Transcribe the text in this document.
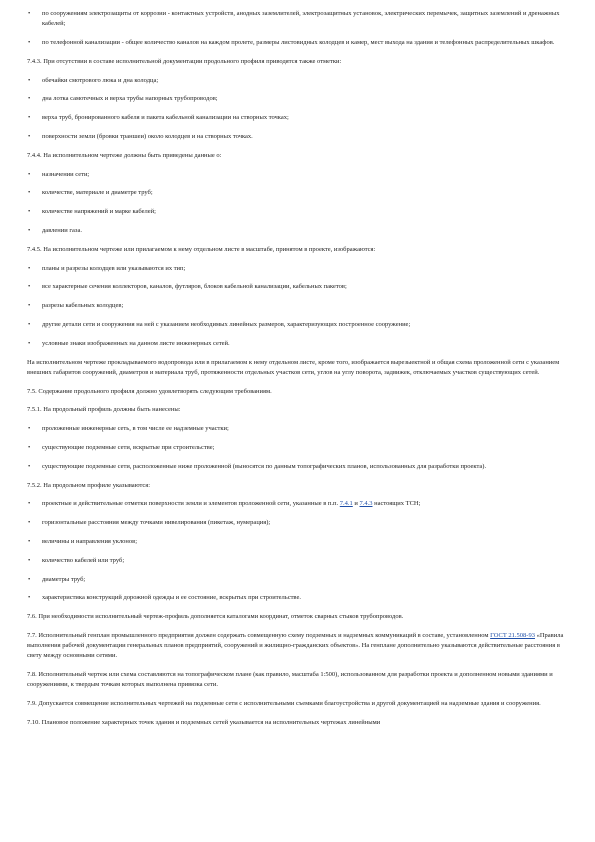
• по сооружениям электрозащиты от коррозии - контактных устройств, анодных заземлителей, электрозащитных установок, электрических перемычек, защитных заземлений и дренажных кабелей;
• по телефонной канализации - общее количество каналов на каждом пролете, размеры листовидных колодцев и камер, мест выхода на здания и телефонных распределительных шкафов.
7.4.3. При отсутствии в составе исполнительной документации продольного профиля приводятся также отметки:
• обечайки смотрового люка и дна колодца;
• дна лотка самотечных и верха трубы напорных трубопроводов;
• верха труб, бронированного кабеля и пакета кабельной канализации на створных точках;
• поверхности земли (бровки траншеи) около колодцев и на створных точках.
7.4.4. На исполнительном чертеже должны быть приведены данные о:
• назначении сети;
• количестве, материале и диаметре труб;
• количестве напряжений и марке кабелей;
• давлении газа.
7.4.5. На исполнительном чертеже или прилагаемом к нему отдельном листе в масштабе, принятом в проекте, изображаются:
• планы и разрезы колодцев или указываются их тип;
• все характерные сечения коллекторов, каналов, футляров, блоков кабельной канализации, кабельных пакетов;
• разрезы кабельных колодцев;
• другие детали сети и сооружения на ней с указанием необходимых линейных размеров, характеризующих построенное сооружение;
• условные знаки изображенных на данном листе инженерных сетей.
На исполнительном чертеже прокладываемого водопровода или в прилагаемом к нему отдельном листе, кроме того, изображается вырезыектной и общая схема проложенной сети с указанием внешних габаритов сооружений, диаметров и материала труб, протяженности отдельных участков сети, углов на углу поворота, задвижек, отключаемых участков существующих сетей.
7.5. Содержание продольного профиля должно удовлетворять следующим требованиям.
7.5.1. На продольный профиль должны быть нанесены:
• проложенные инженерные сеть, в том числе ее надземные участки;
• существующие подземные сети, вскрытые при строительстве;
• существующие подземные сети, расположенные ниже проложенной (выносятся по данным топографических планов, использованных для разработки проекта).
7.5.2. На продольном профиле указываются:
• проектные и действительные отметки поверхности земли и элементов проложенной сети, указанные в п.п. 7.4.1 и 7.4.3 настоящих ТСН;
• горизонтальные расстояния между точками нивелирования (пикетаж, нумерация);
• величины и направления уклонов;
• количество кабелей или труб;
• диаметры труб;
• характеристика конструкций дорожной одежды и ее состояние, вскрытых при строительстве.
7.6. При необходимости исполнительный чертеж-профиль дополняется каталогами координат, отметок сварных стыков трубопроводов.
7.7. Исполнительный генплан промышленного предприятия должен содержать совмещенную схему подземных и надземных коммуникаций в составе, установленном ГОСТ 21.508-93 «Правила выполнения рабочей документации генеральных планов предприятий, сооружений и жилищно-гражданских объектов». На генплане дополнительно указываются действительные расстояния в свету между основными сетями.
7.8. Исполнительный чертеж или схема составляются на топографическом плане (как правило, масштаба 1:500), использованном для разработки проекта и дополненном новыми зданиями и сооружениями, к твердым точкам которых выполнена привязка сети.
7.9. Допускается совмещение исполнительных чертежей на подземные сети с исполнительными съемками благоустройства и другой документацией на надземные здания и сооружения.
7.10. Плановое положение характерных точек здания и подземных сетей указывается на исполнительных чертежах линейными
